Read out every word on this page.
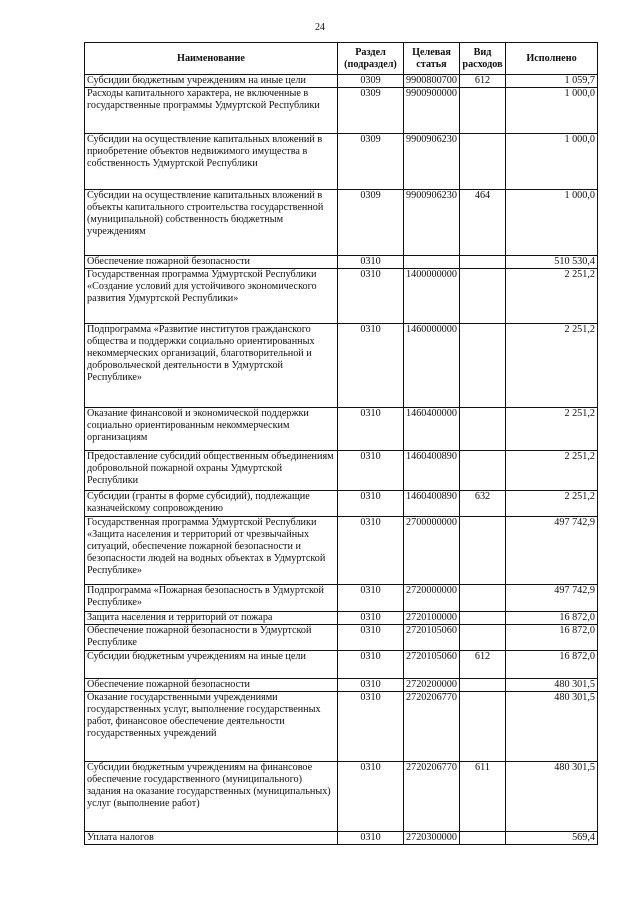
24
Наименование	Раздел (подраздел)	Целевая статья	Вид расходов	Исполнено
Субсидии бюджетным учреждениям на иные цели	0309	9900800700	612	1 059,7
Расходы капитального характера, не включенные в государственные программы Удмуртской Республики	0309	9900900000		1 000,0
Субсидии на осуществление капитальных вложений в приобретение объектов недвижимого имущества в собственность Удмуртской Республики	0309	9900906230		1 000,0
Субсидии на осуществление капитальных вложений в объекты капитального строительства государственной (муниципальной) собственность бюджетным учреждениям	0309	9900906230	464	1 000,0
Обеспечение пожарной безопасности	0310			510 530,4
Государственная программа Удмуртской Республики «Создание условий для устойчивого экономического развития Удмуртской Республики»	0310	1400000000		2 251,2
Подпрограмма «Развитие институтов гражданского общества и поддержки социально ориентированных некоммерческих организаций, благотворительной и добровольческой деятельности в Удмуртской Республике»	0310	1460000000		2 251,2
Оказание финансовой и экономической поддержки социально ориентированным некоммерческим организациям	0310	1460400000		2 251,2
Предоставление субсидий общественным объединениям добровольной пожарной охраны Удмуртской Республики	0310	1460400890		2 251,2
Субсидии (гранты в форме субсидий), подлежащие казначейскому сопровождению	0310	1460400890	632	2 251,2
Государственная программа Удмуртской Республики «Защита населения и территорий от чрезвычайных ситуаций, обеспечение пожарной безопасности и безопасности людей на водных объектах в Удмуртской Республике»	0310	2700000000		497 742,9
Подпрограмма «Пожарная безопасность в Удмуртской Республике»	0310	2720000000		497 742,9
Защита населения и территорий от пожара	0310	2720100000		16 872,0
Обеспечение пожарной безопасности в Удмуртской Республике	0310	2720105060		16 872,0
Субсидии бюджетным учреждениям на иные цели	0310	2720105060	612	16 872,0
Обеспечение пожарной безопасности	0310	2720200000		480 301,5
Оказание государственными учреждениями государственных услуг, выполнение государственных работ, финансовое обеспечение деятельности государственных учреждений	0310	2720206770		480 301,5
Субсидии бюджетным учреждениям на финансовое обеспечение государственного (муниципального) задания на оказание государственных (муниципальных) услуг (выполнение работ)	0310	2720206770	611	480 301,5
Уплата налогов	0310	2720300000		569,4
